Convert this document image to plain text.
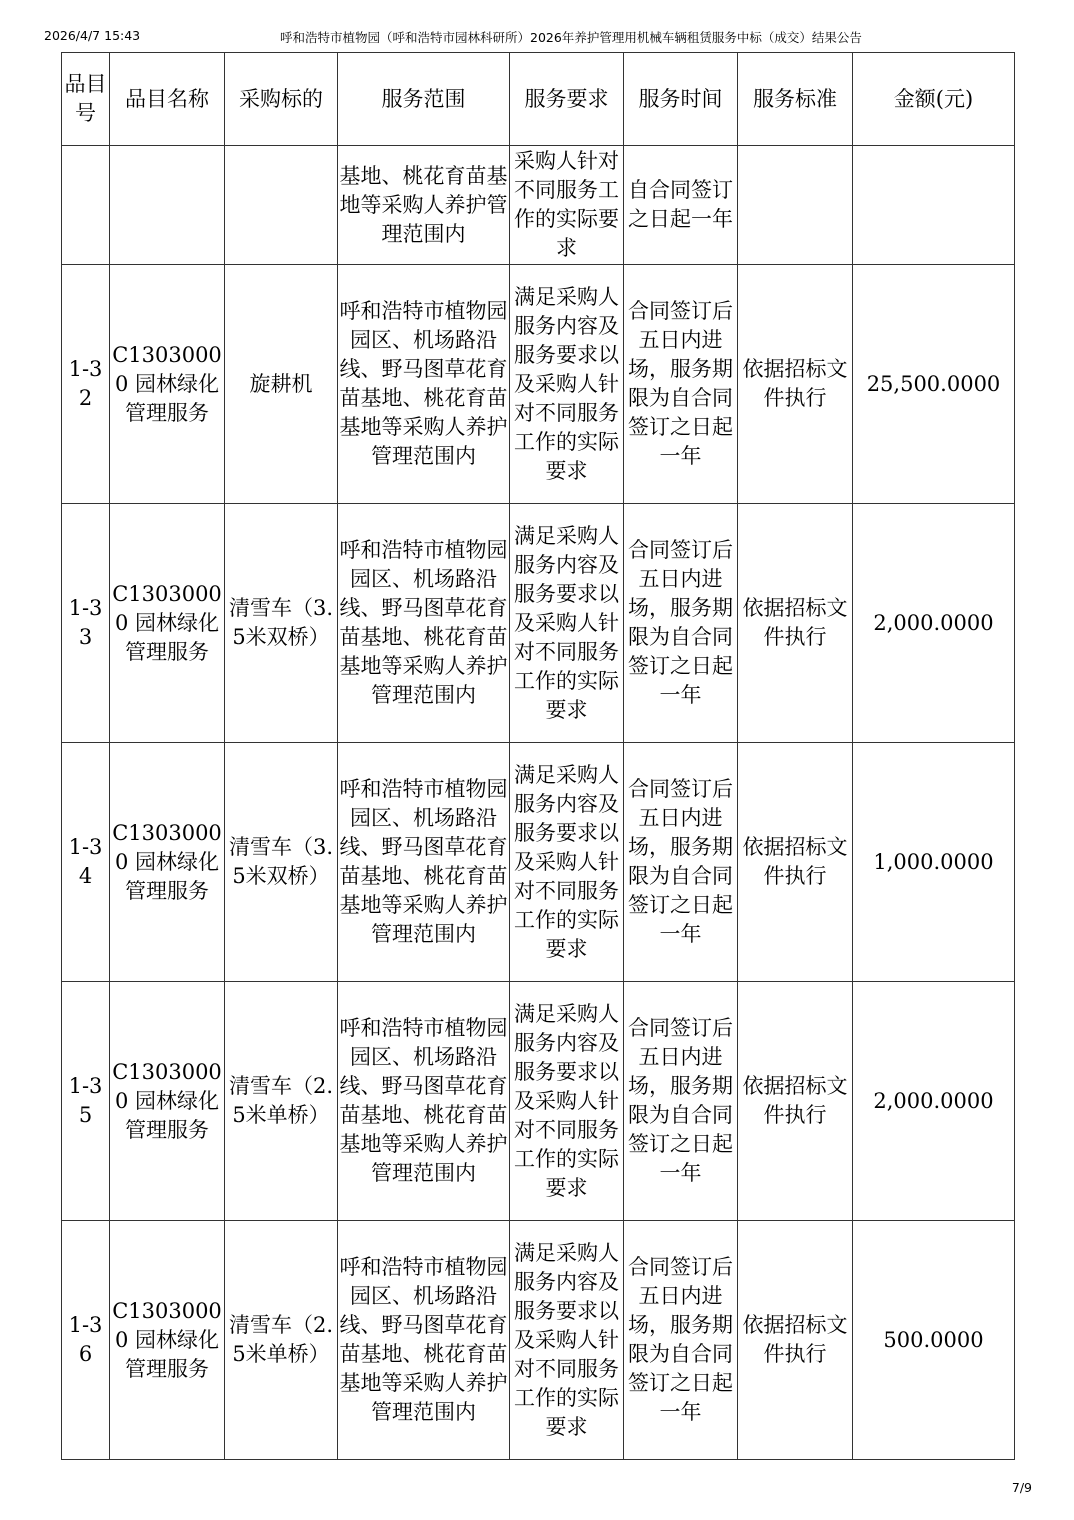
2026/4/7 15:43	呼和浩特市植物园（呼和浩特市园林科研所）2026年养护管理用机械车辆租赁服务中标（成交）结果公告
品目号	品目名称	采购标的	服务范围	服务要求	服务时间	服务标准	金额(元)
			基地、桃花育苗基地等采购人养护管理范围内	采购人针对不同服务工作的实际要求	自合同签订之日起一年		
1-32	C13030000 园林绿化管理服务	旋耕机	呼和浩特市植物园园区、机场路沿线、野马图草花育苗基地、桃花育苗基地等采购人养护管理范围内	满足采购人服务内容及服务要求以及采购人针对不同服务工作的实际要求	合同签订后五日内进场，服务期限为自合同签订之日起一年	依据招标文件执行	25,500.0000
1-33	C13030000 园林绿化管理服务	清雪车（3.5米双桥）	呼和浩特市植物园园区、机场路沿线、野马图草花育苗基地、桃花育苗基地等采购人养护管理范围内	满足采购人服务内容及服务要求以及采购人针对不同服务工作的实际要求	合同签订后五日内进场，服务期限为自合同签订之日起一年	依据招标文件执行	2,000.0000
1-34	C13030000 园林绿化管理服务	清雪车（3.5米双桥）	呼和浩特市植物园园区、机场路沿线、野马图草花育苗基地、桃花育苗基地等采购人养护管理范围内	满足采购人服务内容及服务要求以及采购人针对不同服务工作的实际要求	合同签订后五日内进场，服务期限为自合同签订之日起一年	依据招标文件执行	1,000.0000
1-35	C13030000 园林绿化管理服务	清雪车（2.5米单桥）	呼和浩特市植物园园区、机场路沿线、野马图草花育苗基地、桃花育苗基地等采购人养护管理范围内	满足采购人服务内容及服务要求以及采购人针对不同服务工作的实际要求	合同签订后五日内进场，服务期限为自合同签订之日起一年	依据招标文件执行	2,000.0000
1-36	C13030000 园林绿化管理服务	清雪车（2.5米单桥）	呼和浩特市植物园园区、机场路沿线、野马图草花育苗基地、桃花育苗基地等采购人养护管理范围内	满足采购人服务内容及服务要求以及采购人针对不同服务工作的实际要求	合同签订后五日内进场，服务期限为自合同签订之日起一年	依据招标文件执行	500.0000
7/9
